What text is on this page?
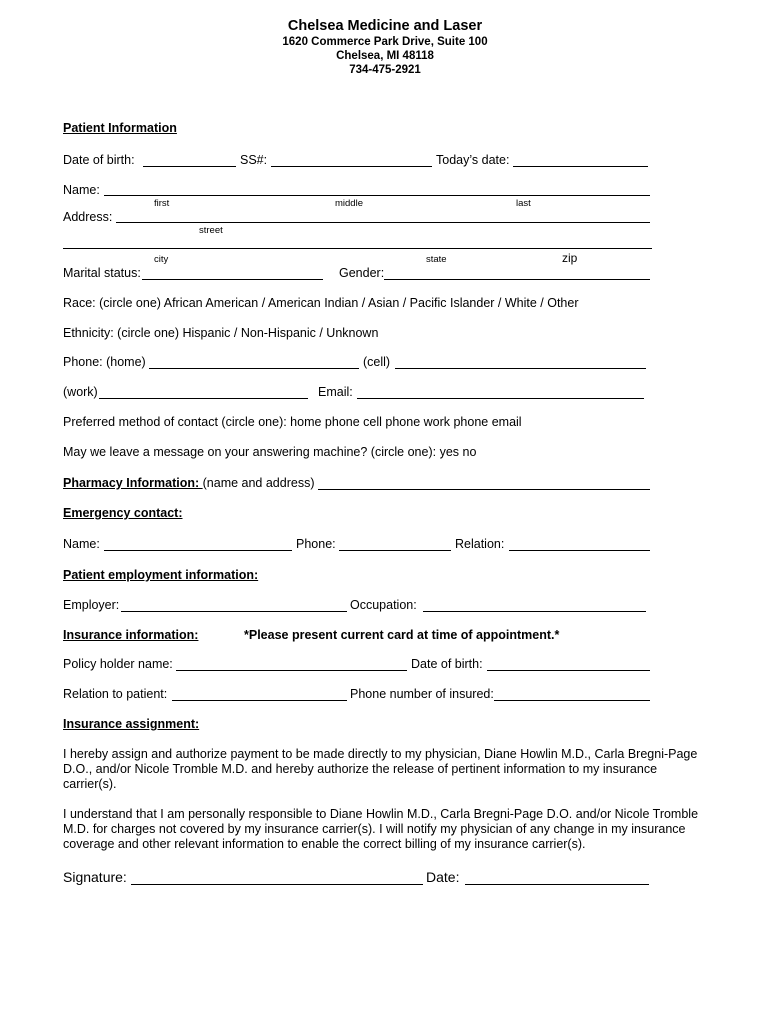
Chelsea Medicine and Laser
1620 Commerce Park Drive, Suite 100
Chelsea, MI 48118
734-475-2921
Patient Information
Date of birth:	SS#:	Today’s date:
Name:
first	middle	last
Address:
street
city	state	zip
Marital status:	Gender:
Race: (circle one) African American / American Indian / Asian / Pacific Islander / White / Other
Ethnicity: (circle one) Hispanic / Non-Hispanic / Unknown
Phone: (home)	(cell)
(work)	Email:
Preferred method of contact (circle one): home phone cell phone work phone email
May we leave a message on your answering machine? (circle one): yes no
Pharmacy Information: (name and address)
Emergency contact:
Name:	Phone:	Relation:
Patient employment information:
Employer:	Occupation:
Insurance information:	*Please present current card at time of appointment.*
Policy holder name:	Date of birth:
Relation to patient:	Phone number of insured:
Insurance assignment:
I hereby assign and authorize payment to be made directly to my physician, Diane Howlin M.D., Carla Bregni-Page D.O., and/or Nicole Tromble M.D. and hereby authorize the release of pertinent information to my insurance carrier(s).
I understand that I am personally responsible to Diane Howlin M.D., Carla Bregni-Page D.O. and/or Nicole Tromble M.D. for charges not covered by my insurance carrier(s). I will notify my physician of any change in my insurance coverage and other relevant information to enable the correct billing of my insurance carrier(s).
Signature:	Date:
